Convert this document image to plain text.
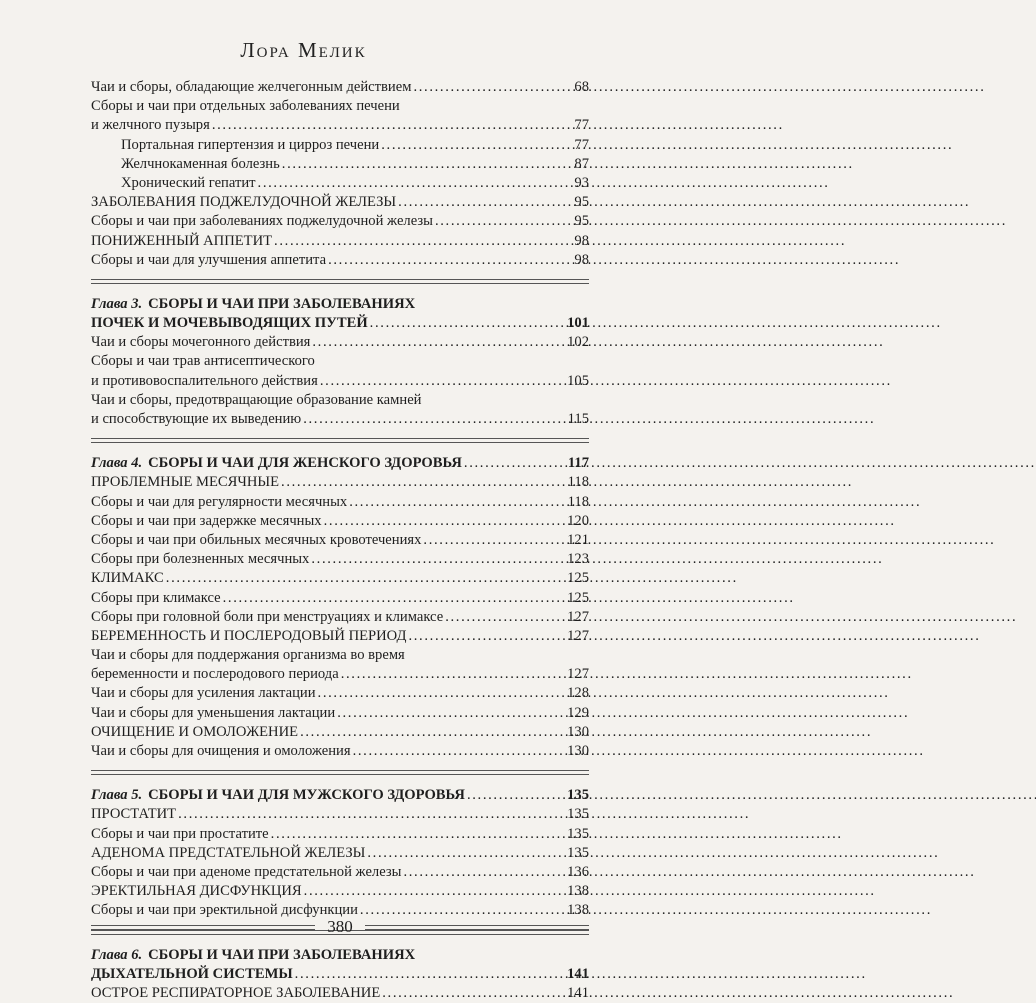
Лора Мелик
Чаи и сборы, обладающие желчегонным действием . . .	68
Сборы и чаи при отдельных заболеваниях печени
и желчного пузыря . . .	77
Портальная гипертензия и цирроз печени . . .	77
Желчнокаменная болезнь . . .	87
Хронический гепатит . . .	93
ЗАБОЛЕВАНИЯ ПОДЖЕЛУДОЧНОЙ ЖЕЛЕЗЫ . . .	95
Сборы и чаи при заболеваниях поджелудочной железы . . .	95
ПОНИЖЕННЫЙ АППЕТИТ . . .	98
Сборы и чаи для улучшения аппетита . . .	98
Глава 3. СБОРЫ И ЧАИ ПРИ ЗАБОЛЕВАНИЯХ
ПОЧЕК И МОЧЕВЫВОДЯЩИХ ПУТЕЙ . . .	101
Чаи и сборы мочегонного действия . . .	102
Сборы и чаи трав антисептического
и противовоспалительного действия . . .	105
Чаи и сборы, предотвращающие образование камней
и способствующие их выведению . . .	115
Глава 4. СБОРЫ И ЧАИ ДЛЯ ЖЕНСКОГО ЗДОРОВЬЯ . . .	117
ПРОБЛЕМНЫЕ МЕСЯЧНЫЕ . . .	118
Сборы и чаи для регулярности месячных . . .	118
Сборы и чаи при задержке месячных . . .	120
Сборы и чаи при обильных месячных кровотечениях . . .	121
Сборы при болезненных месячных . . .	123
КЛИМАКС . . .	125
Сборы при климаксе . . .	125
Сборы при головной боли при менструациях и климаксе . . .	127
БЕРЕМЕННОСТЬ И ПОСЛЕРОДОВЫЙ ПЕРИОД . . .	127
Чаи и сборы для поддержания организма во время
беременности и послеродового периода . . .	127
Чаи и сборы для усиления лактации . . .	128
Чаи и сборы для уменьшения лактации . . .	129
ОЧИЩЕНИЕ И ОМОЛОЖЕНИЕ . . .	130
Чаи и сборы для очищения и омоложения . . .	130
Глава 5. СБОРЫ И ЧАИ ДЛЯ МУЖСКОГО ЗДОРОВЬЯ . . .	135
ПРОСТАТИТ . . .	135
Сборы и чаи при простатите . . .	135
АДЕНОМА ПРЕДСТАТЕЛЬНОЙ ЖЕЛЕЗЫ . . .	135
Сборы и чаи при аденоме предстательной железы . . .	136
ЭРЕКТИЛЬНАЯ ДИСФУНКЦИЯ . . .	138
Сборы и чаи при эректильной дисфункции . . .	138
Глава 6. СБОРЫ И ЧАИ ПРИ ЗАБОЛЕВАНИЯХ
ДЫХАТЕЛЬНОЙ СИСТЕМЫ . . .	141
ОСТРОЕ РЕСПИРАТОРНОЕ ЗАБОЛЕВАНИЕ . . .	141
380
